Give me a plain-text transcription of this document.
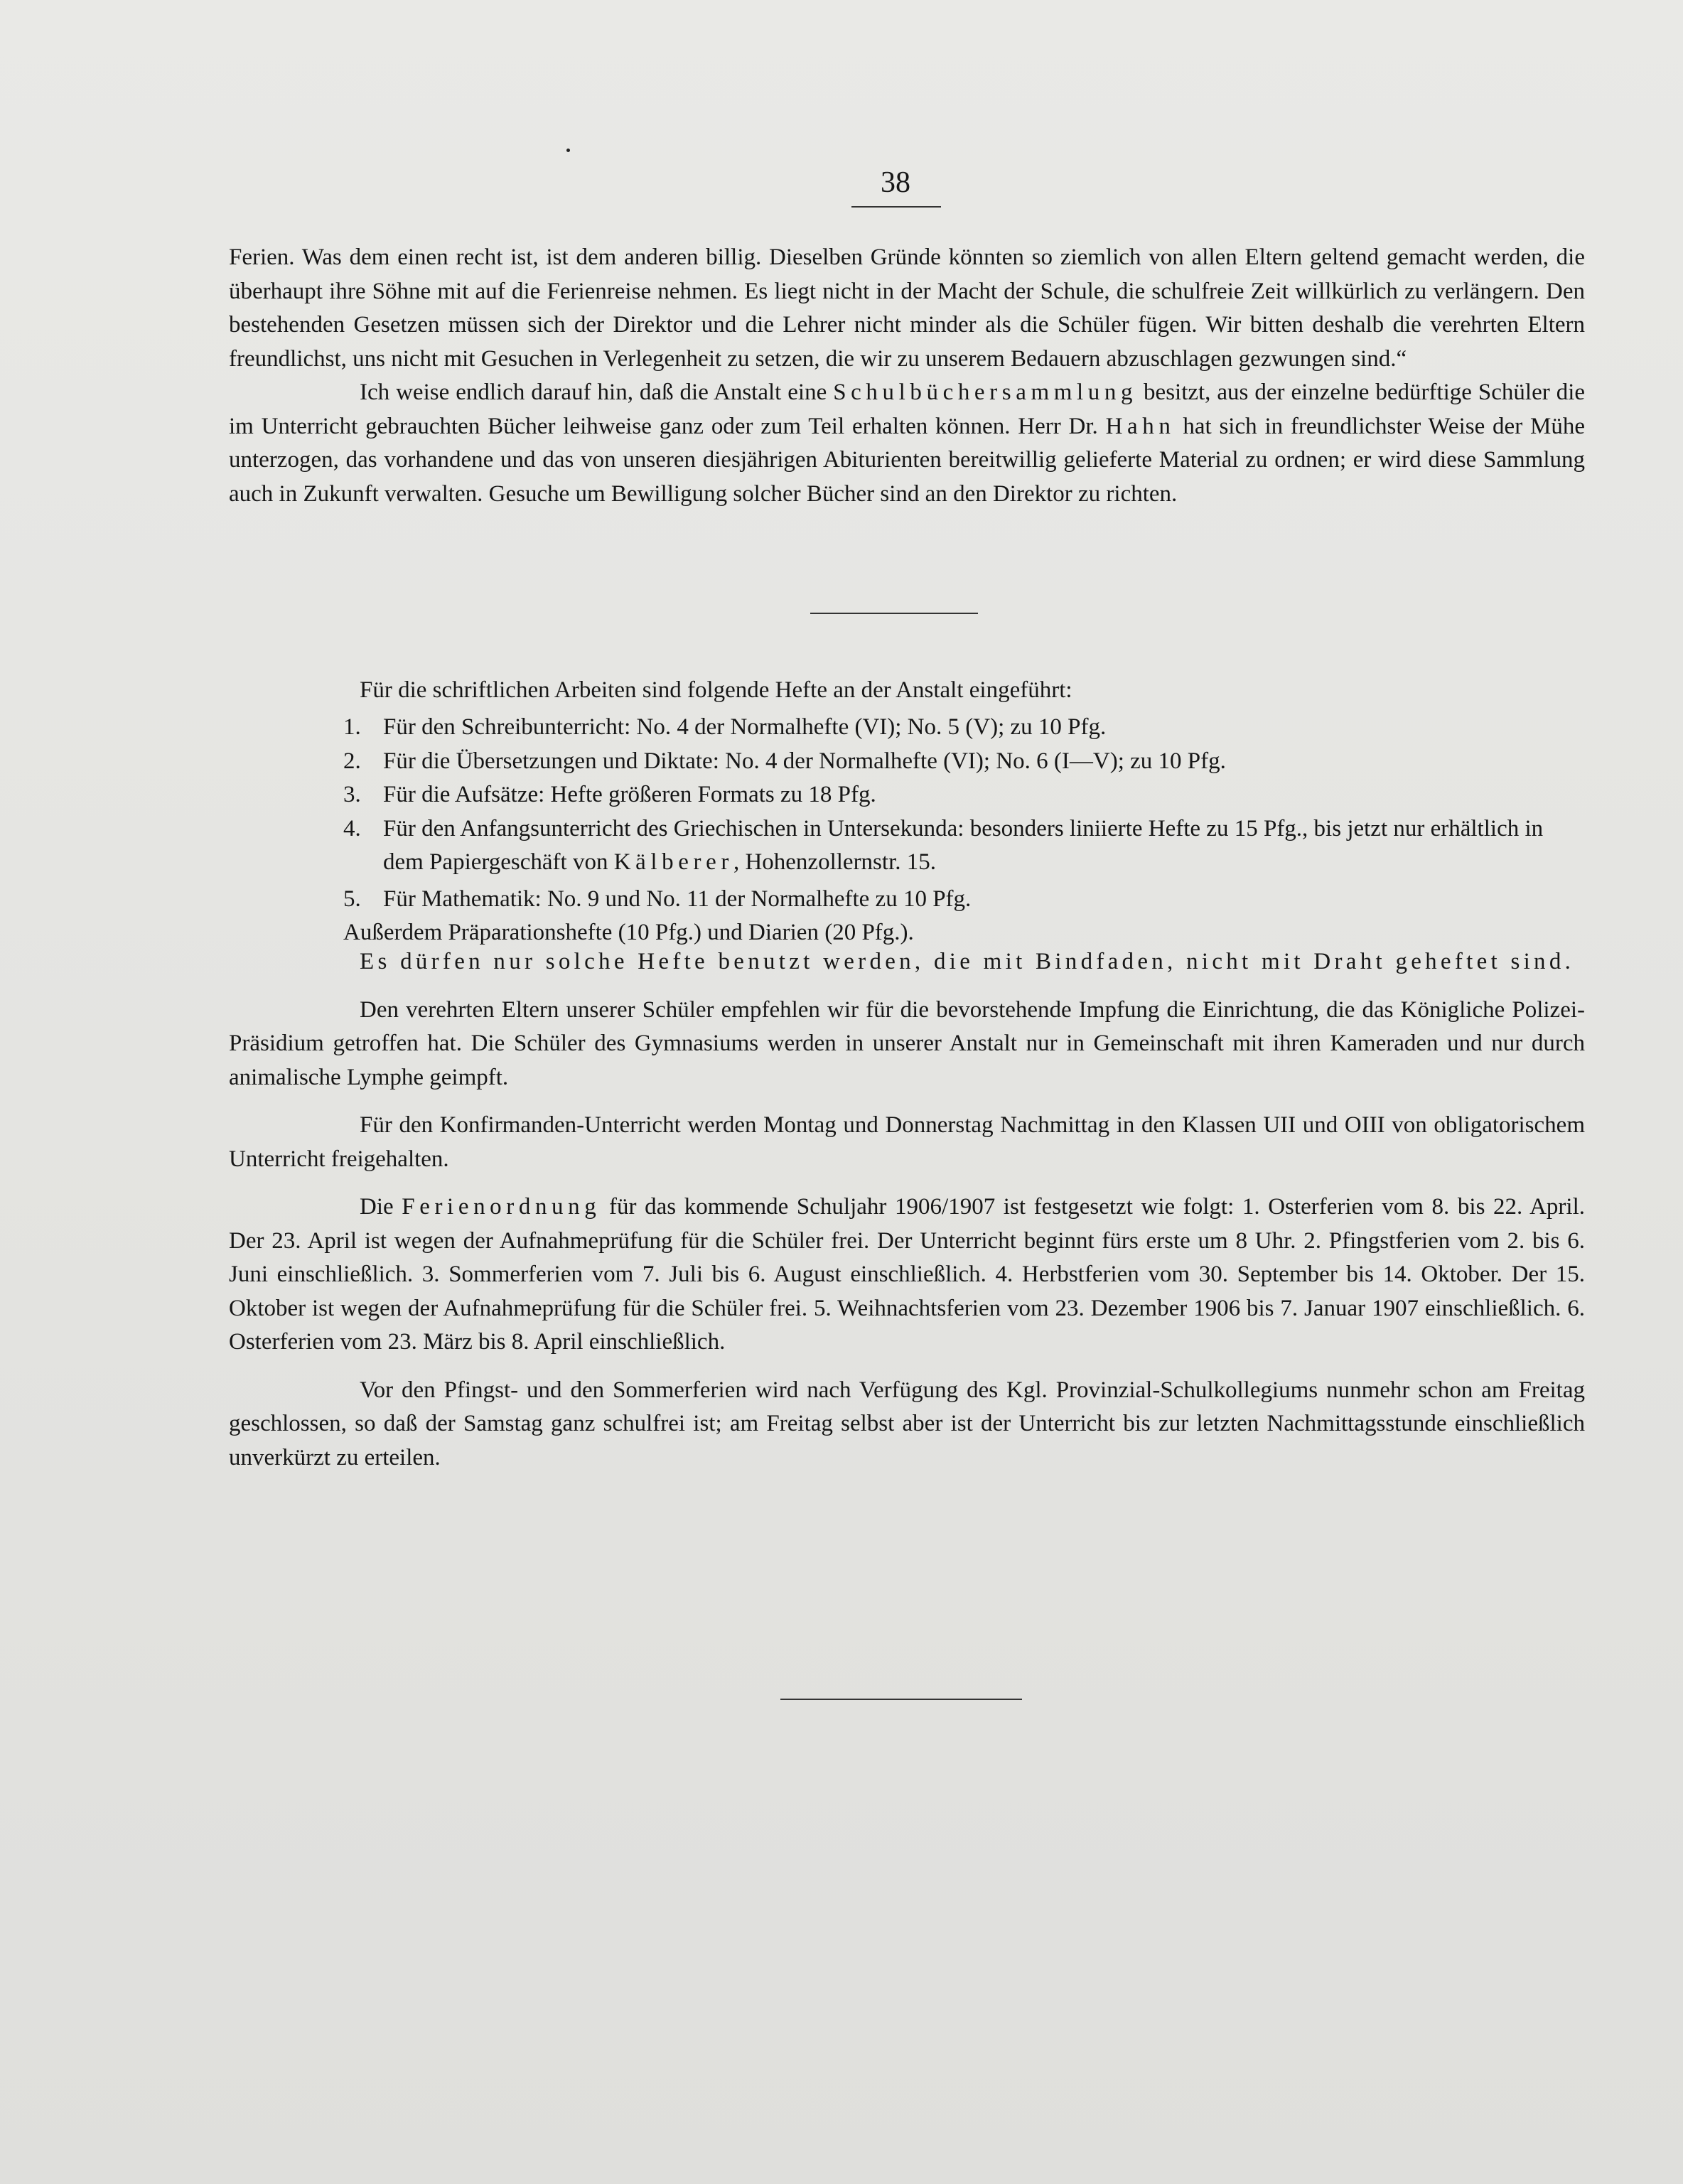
38

Ferien. Was dem einen recht ist, ist dem anderen billig. Dieselben Gründe könnten so ziemlich von allen Eltern geltend gemacht werden, die überhaupt ihre Söhne mit auf die Ferienreise nehmen. Es liegt nicht in der Macht der Schule, die schulfreie Zeit willkürlich zu verlängern. Den bestehenden Gesetzen müssen sich der Direktor und die Lehrer nicht minder als die Schüler fügen. Wir bitten deshalb die verehrten Eltern freundlichst, uns nicht mit Gesuchen in Verlegenheit zu setzen, die wir zu unserem Bedauern abzuschlagen gezwungen sind.“

Ich weise endlich darauf hin, daß die Anstalt eine Schulbüchersammlung besitzt, aus der einzelne bedürftige Schüler die im Unterricht gebrauchten Bücher leihweise ganz oder zum Teil erhalten können. Herr Dr. Hahn hat sich in freundlichster Weise der Mühe unterzogen, das vorhandene und das von unseren diesjährigen Abiturienten bereitwillig gelieferte Material zu ordnen; er wird diese Sammlung auch in Zukunft verwalten. Gesuche um Bewilligung solcher Bücher sind an den Direktor zu richten.

Für die schriftlichen Arbeiten sind folgende Hefte an der Anstalt eingeführt:

1. Für den Schreibunterricht: No. 4 der Normalhefte (VI); No. 5 (V); zu 10 Pfg.
2. Für die Übersetzungen und Diktate: No. 4 der Normalhefte (VI); No. 6 (I—V); zu 10 Pfg.
3. Für die Aufsätze: Hefte größeren Formats zu 18 Pfg.
4. Für den Anfangsunterricht des Griechischen in Untersekunda: besonders liniierte Hefte zu 15 Pfg., bis jetzt nur erhältlich in dem Papiergeschäft von Kälberer, Hohenzollernstr. 15.
5. Für Mathematik: No. 9 und No. 11 der Normalhefte zu 10 Pfg.
Außerdem Präparationshefte (10 Pfg.) und Diarien (20 Pfg.).

Es dürfen nur solche Hefte benutzt werden, die mit Bindfaden, nicht mit Draht geheftet sind.

Den verehrten Eltern unserer Schüler empfehlen wir für die bevorstehende Impfung die Einrichtung, die das Königliche Polizei-Präsidium getroffen hat. Die Schüler des Gymnasiums werden in unserer Anstalt nur in Gemeinschaft mit ihren Kameraden und nur durch animalische Lymphe geimpft.

Für den Konfirmanden-Unterricht werden Montag und Donnerstag Nachmittag in den Klassen UII und OIII von obligatorischem Unterricht freigehalten.

Die Ferienordnung für das kommende Schuljahr 1906/1907 ist festgesetzt wie folgt: 1. Osterferien vom 8. bis 22. April. Der 23. April ist wegen der Aufnahmeprüfung für die Schüler frei. Der Unterricht beginnt fürs erste um 8 Uhr. 2. Pfingstferien vom 2. bis 6. Juni einschließlich. 3. Sommerferien vom 7. Juli bis 6. August einschließlich. 4. Herbstferien vom 30. September bis 14. Oktober. Der 15. Oktober ist wegen der Aufnahmeprüfung für die Schüler frei. 5. Weihnachtsferien vom 23. Dezember 1906 bis 7. Januar 1907 einschließlich. 6. Osterferien vom 23. März bis 8. April einschließlich.

Vor den Pfingst- und den Sommerferien wird nach Verfügung des Kgl. Provinzial-Schulkollegiums nunmehr schon am Freitag geschlossen, so daß der Samstag ganz schulfrei ist; am Freitag selbst aber ist der Unterricht bis zur letzten Nachmittagsstunde einschließlich unverkürzt zu erteilen.
